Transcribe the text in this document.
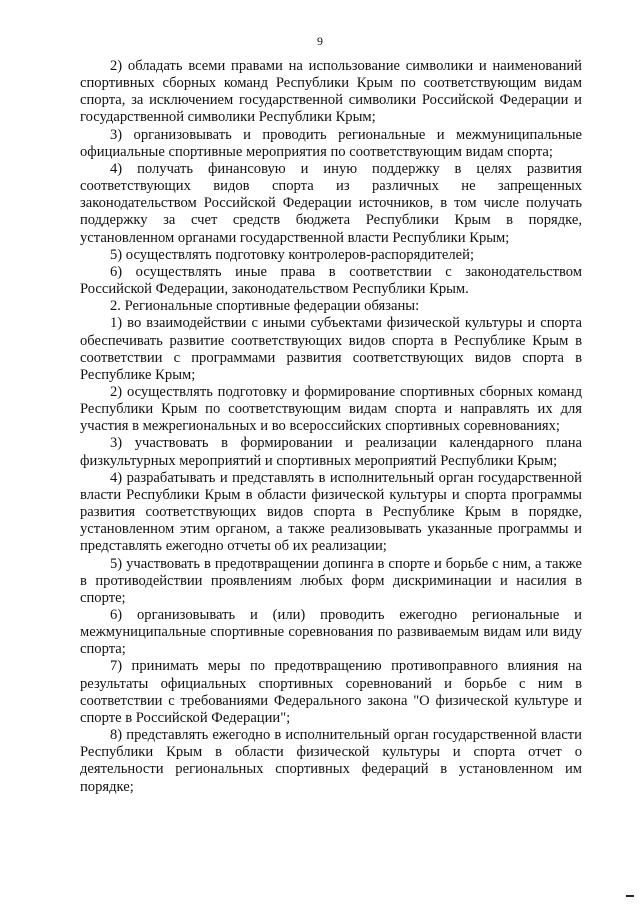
9

2) обладать всеми правами на использование символики и наименований спортивных сборных команд Республики Крым по соответствующим видам спорта, за исключением государственной символики Российской Федерации и государственной символики Республики Крым;

3) организовывать и проводить региональные и межмуниципальные официальные спортивные мероприятия по соответствующим видам спорта;

4) получать финансовую и иную поддержку в целях развития соответствующих видов спорта из различных не запрещенных законодательством Российской Федерации источников, в том числе получать поддержку за счет средств бюджета Республики Крым в порядке, установленном органами государственной власти Республики Крым;

5) осуществлять подготовку контролеров-распорядителей;

6) осуществлять иные права в соответствии с законодательством Российской Федерации, законодательством Республики Крым.

2. Региональные спортивные федерации обязаны:

1) во взаимодействии с иными субъектами физической культуры и спорта обеспечивать развитие соответствующих видов спорта в Республике Крым в соответствии с программами развития соответствующих видов спорта в Республике Крым;

2) осуществлять подготовку и формирование спортивных сборных команд Республики Крым по соответствующим видам спорта и направлять их для участия в межрегиональных и во всероссийских спортивных соревнованиях;

3) участвовать в формировании и реализации календарного плана физкультурных мероприятий и спортивных мероприятий Республики Крым;

4) разрабатывать и представлять в исполнительный орган государственной власти Республики Крым в области физической культуры и спорта программы развития соответствующих видов спорта в Республике Крым в порядке, установленном этим органом, а также реализовывать указанные программы и представлять ежегодно отчеты об их реализации;

5) участвовать в предотвращении допинга в спорте и борьбе с ним, а также в противодействии проявлениям любых форм дискриминации и насилия в спорте;

6) организовывать и (или) проводить ежегодно региональные и межмуниципальные спортивные соревнования по развиваемым видам или виду спорта;

7) принимать меры по предотвращению противоправного влияния на результаты официальных спортивных соревнований и борьбе с ним в соответствии с требованиями Федерального закона "О физической культуре и спорте в Российской Федерации";

8) представлять ежегодно в исполнительный орган государственной власти Республики Крым в области физической культуры и спорта отчет о деятельности региональных спортивных федераций в установленном им порядке;
